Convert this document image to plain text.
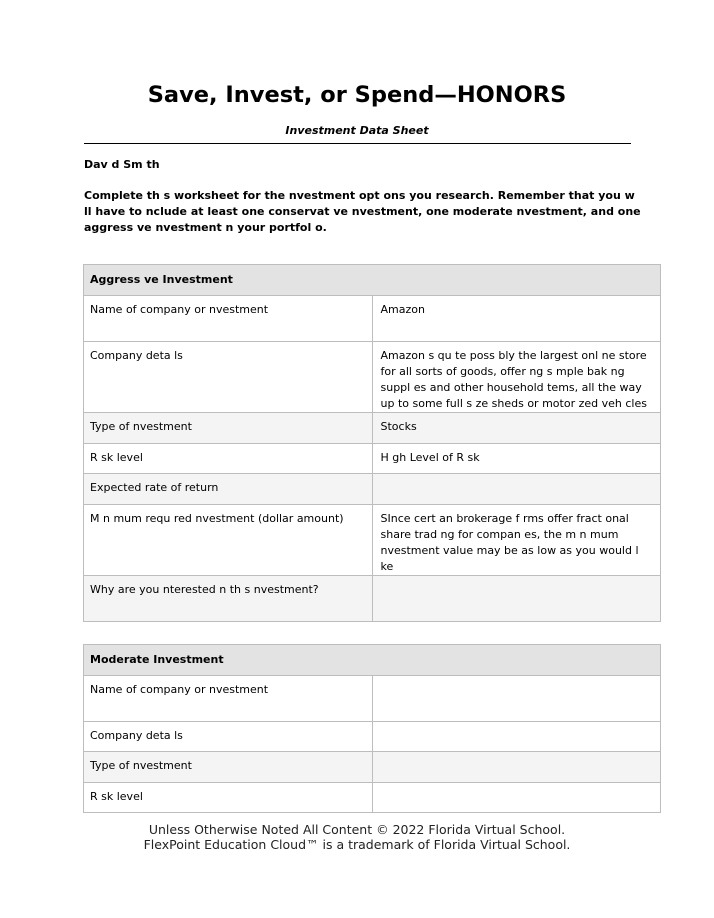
Save, Invest, or Spend—HONORS
Investment Data Sheet
Dav d Sm th
Complete th s worksheet for the nvestment opt ons you research. Remember that you w ll have to nclude at least one conservat ve nvestment, one moderate nvestment, and one aggress ve nvestment n your portfol o.
Aggress ve Investment	
Name of company or nvestment	Amazon
Company deta ls	Amazon s qu te poss bly the largest onl ne store for all sorts of goods, offer ng s mple bak ng suppl es and other household tems, all the way up to some full s ze sheds or motor zed veh cles
Type of nvestment	Stocks
R sk level	H gh Level of R sk
Expected rate of return	
M n mum requ red nvestment (dollar amount)	SInce cert an brokerage f rms offer fract onal share trad ng for compan es, the m n mum nvestment value may be as low as you would l ke
Why are you nterested n th s nvestment?	
Moderate Investment	
Name of company or nvestment	
Company deta ls	
Type of nvestment	
R sk level	
Unless Otherwise Noted All Content © 2022 Florida Virtual School.
FlexPoint Education Cloud™ is a trademark of Florida Virtual School.
